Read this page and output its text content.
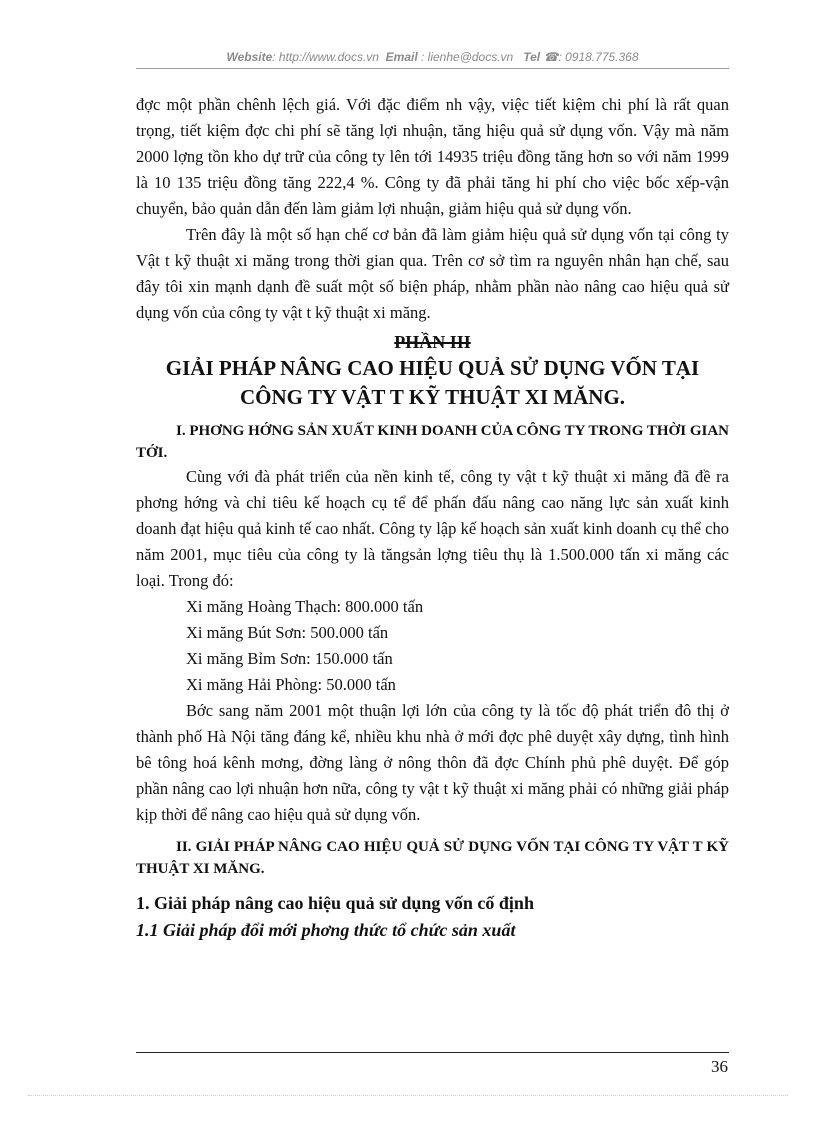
Website: http://www.docs.vn Email : lienhe@docs.vn Tel ☎: 0918.775.368

đợc một phần chênh lệch giá. Với đặc điểm nh vậy, việc tiết kiệm chi phí là rất quan trọng, tiết kiệm đợc chi phí sẽ tăng lợi nhuận, tăng hiệu quả sử dụng vốn. Vậy mà năm 2000 lợng tồn kho dự trữ của công ty lên tới 14935 triệu đồng tăng hơn so với năm 1999 là 10 135 triệu đồng tăng 222,4 %. Công ty đã phải tăng hi phí cho việc bốc xếp-vận chuyển, bảo quản dẫn đến làm giảm lợi nhuận, giảm hiệu quả sử dụng vốn.

Trên đây là một số hạn chế cơ bản đã làm giảm hiệu quả sử dụng vốn tại công ty Vật t kỹ thuật xi măng trong thời gian qua. Trên cơ sở tìm ra nguyên nhân hạn chế, sau đây tôi xin mạnh dạnh đề suất một số biện pháp, nhằm phần nào nâng cao hiệu quả sử dụng vốn của công ty vật t kỹ thuật xi măng.

PHẦN III

GIẢI PHÁP NÂNG CAO HIỆU QUẢ SỬ DỤNG VỐN TẠI

CÔNG TY VẬT T KỸ THUẬT XI MĂNG.

I. PHƠNG HỚNG SẢN XUẤT KINH DOANH CỦA CÔNG TY TRONG THỜI GIAN TỚI.

Cùng với đà phát triển của nền kinh tế, công ty vật t kỹ thuật xi măng đã đề ra phơng hớng và chỉ tiêu kế hoạch cụ tể để phấn đấu nâng cao năng lực sản xuất kinh doanh đạt hiệu quả kinh tế cao nhất. Công ty lập kế hoạch sản xuất kinh doanh cụ thể cho năm 2001, mục tiêu của công ty là tăngsản lợng tiêu thụ là 1.500.000 tấn xi măng các loại. Trong đó:

Xi măng Hoàng Thạch: 800.000 tấn

Xi măng Bút Sơn: 500.000 tấn

Xi măng Bỉm Sơn: 150.000 tấn

Xi măng Hải Phòng: 50.000 tấn

Bớc sang năm 2001 một thuận lợi lớn của công ty là tốc độ phát triển đô thị ở thành phố Hà Nội tăng đáng kể, nhiều khu nhà ở mới đợc phê duyệt xây dựng, tình hình bê tông hoá kênh mơng, đờng làng ở nông thôn đã đợc Chính phủ phê duyệt. Để góp phần nâng cao lợi nhuận hơn nữa, công ty vật t kỹ thuật xi măng phải có những giải pháp kịp thời để nâng cao hiệu quả sử dụng vốn.

II. GIẢI PHÁP NÂNG CAO HIỆU QUẢ SỬ DỤNG VỐN TẠI CÔNG TY VẬT T KỸ THUẬT XI MĂNG.

1. Giải pháp nâng cao hiệu quả sử dụng vốn cố định

1.1 Giải pháp đổi mới phơng thức tổ chức sản xuất

36
